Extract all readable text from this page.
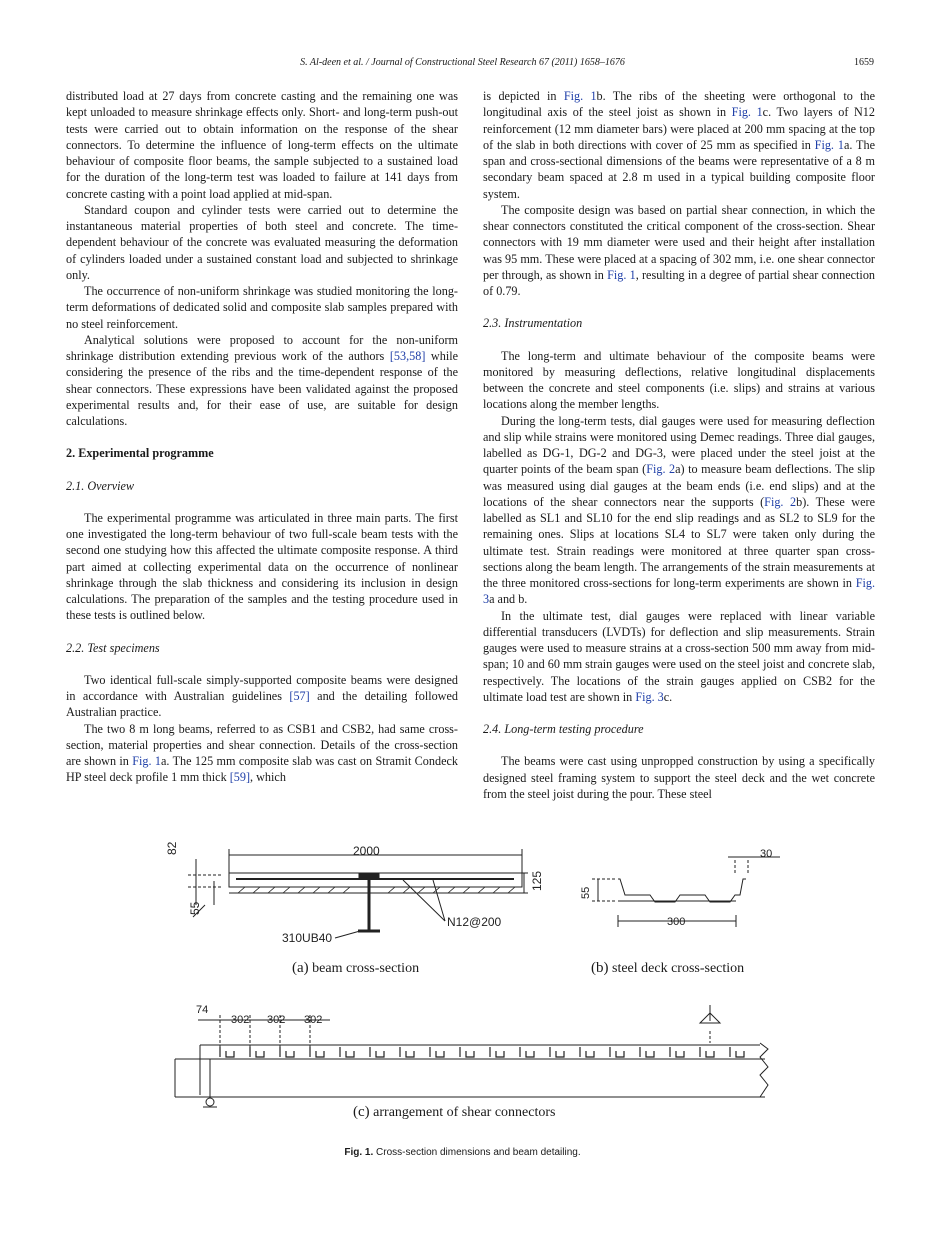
S. Al-deen et al. / Journal of Constructional Steel Research 67 (2011) 1658–1676	1659

distributed load at 27 days from concrete casting and the remaining one was kept unloaded to measure shrinkage effects only. Short- and long-term push-out tests were carried out to obtain information on the response of the shear connectors. To determine the influence of long-term effects on the ultimate behaviour of composite floor beams, the sample subjected to a sustained load for the duration of the long-term test was loaded to failure at 141 days from concrete casting with a point load applied at mid-span.

Standard coupon and cylinder tests were carried out to determine the instantaneous material properties of both steel and concrete. The time-dependent behaviour of the concrete was evaluated measuring the deformation of cylinders loaded under a sustained constant load and subjected to shrinkage only.

The occurrence of non-uniform shrinkage was studied monitoring the long-term deformations of dedicated solid and composite slab samples prepared with no steel reinforcement.

Analytical solutions were proposed to account for the non-uniform shrinkage distribution extending previous work of the authors [53,58] while considering the presence of the ribs and the time-dependent response of the shear connectors. These expressions have been validated against the proposed experimental results and, for their ease of use, are suitable for design calculations.

2. Experimental programme
2.1. Overview

The experimental programme was articulated in three main parts. The first one investigated the long-term behaviour of two full-scale beam tests with the second one studying how this affected the ultimate composite response. A third part aimed at collecting experimental data on the occurrence of nonlinear shrinkage through the slab thickness and considering its inclusion in design calculations. The preparation of the samples and the testing procedure used in these tests is outlined below.

2.2. Test specimens

Two identical full-scale simply-supported composite beams were designed in accordance with Australian guidelines [57] and the detailing followed Australian practice.

The two 8 m long beams, referred to as CSB1 and CSB2, had same cross-section, material properties and shear connection. Details of the cross-section are shown in Fig. 1a. The 125 mm composite slab was cast on Stramit Condeck HP steel deck profile 1 mm thick [59], which

is depicted in Fig. 1b. The ribs of the sheeting were orthogonal to the longitudinal axis of the steel joist as shown in Fig. 1c. Two layers of N12 reinforcement (12 mm diameter bars) were placed at 200 mm spacing at the top of the slab in both directions with cover of 25 mm as specified in Fig. 1a. The span and cross-sectional dimensions of the beams were representative of a 8 m secondary beam spaced at 2.8 m used in a typical building composite floor system.

The composite design was based on partial shear connection, in which the shear connectors constituted the critical component of the cross-section. Shear connectors with 19 mm diameter were used and their height after installation was 95 mm. These were placed at a spacing of 302 mm, i.e. one shear connector per through, as shown in Fig. 1, resulting in a degree of partial shear connection of 0.79.

2.3. Instrumentation

The long-term and ultimate behaviour of the composite beams were monitored by measuring deflections, relative longitudinal displacements between the concrete and steel components (i.e. slips) and strains at various locations along the member lengths.

During the long-term tests, dial gauges were used for measuring deflection and slip while strains were monitored using Demec readings. Three dial gauges, labelled as DG-1, DG-2 and DG-3, were placed under the steel joist at the quarter points of the beam span (Fig. 2a) to measure beam deflections. The slip was measured using dial gauges at the beam ends (i.e. end slips) and at the locations of the shear connectors near the supports (Fig. 2b). These were labelled as SL1 and SL10 for the end slip readings and as SL2 to SL9 for the remaining ones. Slips at locations SL4 to SL7 were taken only during the ultimate test. Strain readings were monitored at three quarter span cross-sections along the beam length. The arrangements of the strain measurements at the three monitored cross-sections for long-term experiments are shown in Fig. 3a and b.

In the ultimate test, dial gauges were replaced with linear variable differential transducers (LVDTs) for deflection and slip measurements. Strain gauges were used to measure strains at a cross-section 500 mm away from mid-span; 10 and 60 mm strain gauges were used on the steel joist and concrete slab, respectively. The locations of the strain gauges applied on CSB2 for the ultimate load test are shown in Fig. 3c.

2.4. Long-term testing procedure

The beams were cast using unpropped construction by using a specifically designed steel framing system to support the steel deck and the wet concrete from the steel joist during the pour. These steel

2000
125
82
55
N12@200
310UB40
55
300
30
74
302 302 302
(a) beam cross-section	(b) steel deck cross-section
(c) arrangement of shear connectors
Fig. 1. Cross-section dimensions and beam detailing.
